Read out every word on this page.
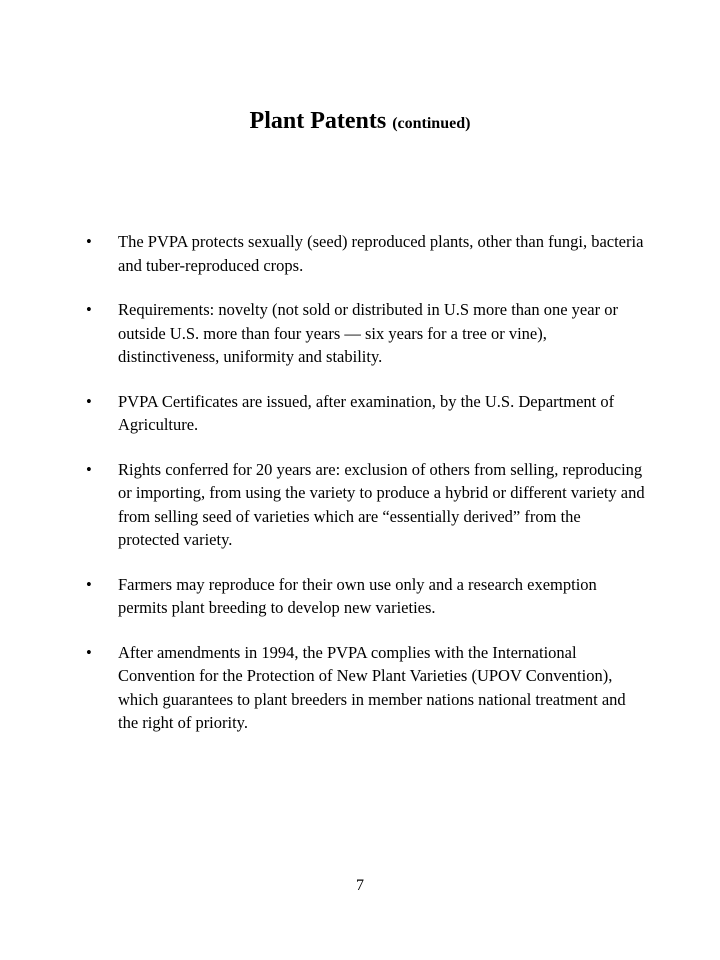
Plant Patents (continued)
•	The PVPA protects sexually (seed) reproduced plants, other than fungi, bacteria and tuber-reproduced crops.
•	Requirements: novelty (not sold or distributed in U.S more than one year or outside U.S. more than four years — six years for a tree or vine), distinctiveness, uniformity and stability.
•	PVPA Certificates are issued, after examination, by the U.S. Department of Agriculture.
•	Rights conferred for 20 years are: exclusion of others from selling, reproducing or importing, from using the variety to produce a hybrid or different variety and from selling seed of varieties which are “essentially derived” from the protected variety.
•	Farmers may reproduce for their own use only and a research exemption permits plant breeding to develop new varieties.
•	After amendments in 1994, the PVPA complies with the International Convention for the Protection of New Plant Varieties (UPOV Convention), which guarantees to plant breeders in member nations national treatment and the right of priority.
7
